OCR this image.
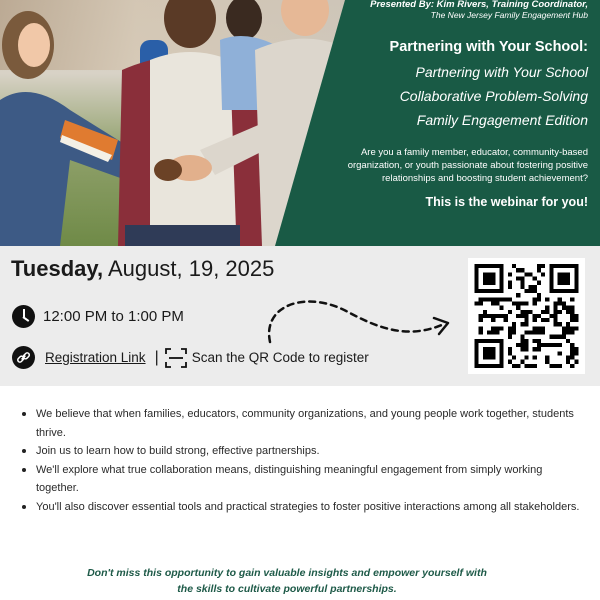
Presented By: Kim Rivers, Training Coordinator,
The New Jersey Family Engagement Hub
Partnering with Your School:
Partnering with Your School
Collaborative Problem-Solving
Family Engagement Edition
Are you a family member, educator, community-based organization, or youth passionate about fostering positive relationships and boosting student achievement?
This is the webinar for you!
Tuesday, August, 19, 2025
12:00 PM to 1:00 PM
Registration Link | Scan the QR Code to register
We believe that when families, educators, community organizations, and young people work together, students thrive.
Join us to learn how to build strong, effective partnerships.
We'll explore what true collaboration means, distinguishing meaningful engagement from simply working together.
You'll also discover essential tools and practical strategies to foster positive interactions among all stakeholders.
Don't miss this opportunity to gain valuable insights and empower yourself with
the skills to cultivate powerful partnerships.
